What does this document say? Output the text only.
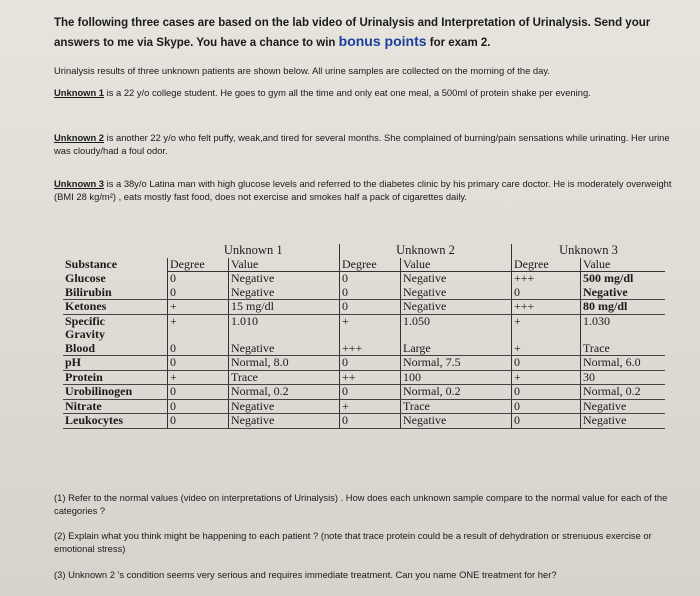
The following three cases are based on the lab video of Urinalysis and Interpretation of Urinalysis. Send your
answers to me via Skype. You have a chance to win bonus points for exam 2.

Urinalysis results of three unknown patients are shown below. All urine samples are collected on the morning of the day.

Unknown 1 is a 22 y/o college student. He goes to gym all the time and only eat one meal, a 500ml of protein shake per evening.

Unknown 2 is another 22 y/o who felt puffy, weak,and tired for several months. She complained of burning/pain sensations while urinating. Her urine was cloudy/had a foul odor.

Unknown 3 is a 38y/o Latina man with high glucose levels and referred to the diabetes clinic by his primary care doctor. He is moderately overweight (BMI 28 kg/m²) , eats mostly fast food, does not exercise and smokes half a pack of cigarettes daily.

	Unknown 1		Unknown 2		Unknown 3	
Substance	Degree	Value	Degree	Value	Degree	Value
Glucose	0	Negative	0	Negative	+++	500 mg/dl
Bilirubin	0	Negative	0	Negative	0	Negative
Ketones	+	15 mg/dl	0	Negative	+++	80 mg/dl
Specific	+	1.010	+	1.050	+	1.030
Gravity						
Blood	0	Negative	+++	Large	+	Trace
pH	0	Normal, 8.0	0	Normal, 7.5	0	Normal, 6.0
Protein	+	Trace	++	100	+	30
Urobilinogen	0	Normal, 0.2	0	Normal, 0.2	0	Normal, 0.2
Nitrate	0	Negative	+	Trace	0	Negative
Leukocytes	0	Negative	0	Negative	0	Negative

(1) Refer to the normal values (video on interpretations of Urinalysis) . How does each unknown sample compare to the normal value for each of the categories ?

(2) Explain what you think might be happening to each patient ? (note that trace protein could be a result of dehydration or strenuous exercise or emotional stress)

(3) Unknown 2 's condition seems very serious and requires immediate treatment. Can you name ONE treatment for her?
